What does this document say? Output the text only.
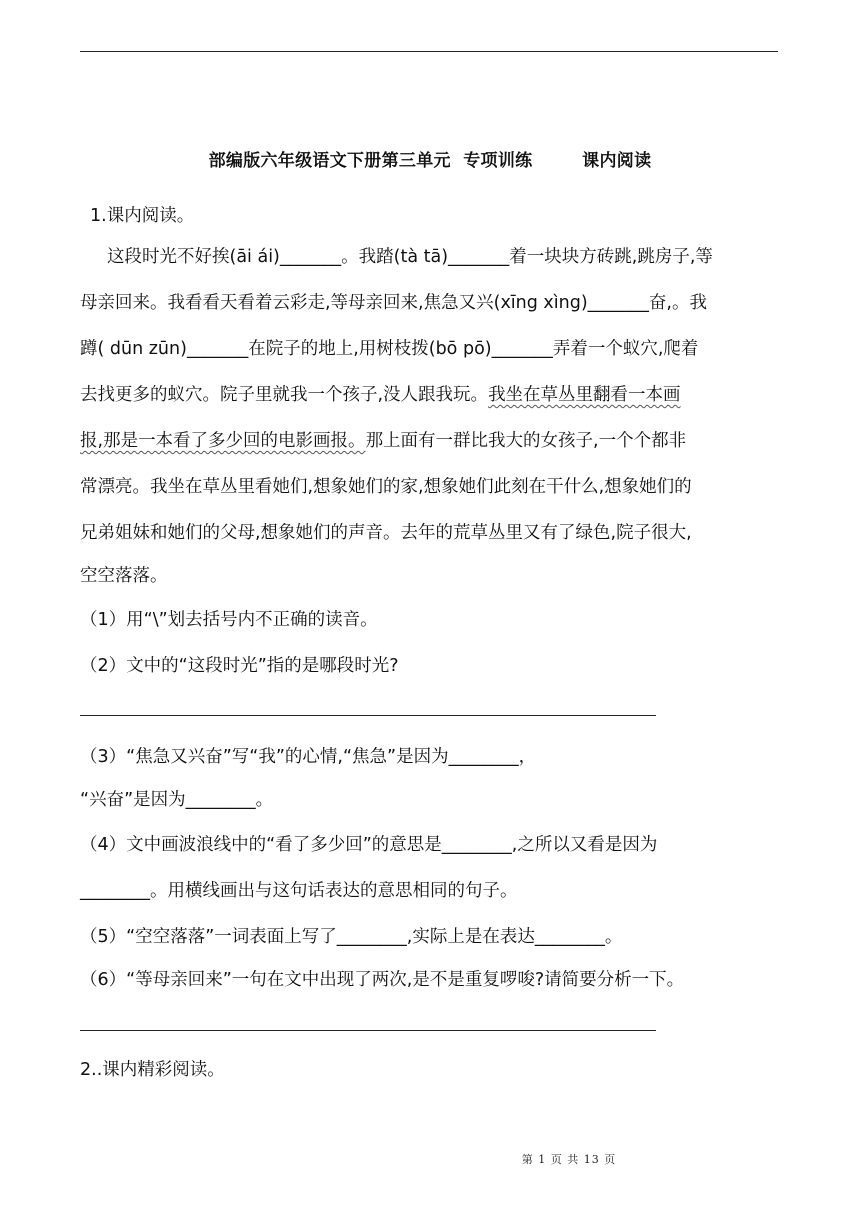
部编版六年级语文下册第三单元  专项训练        课内阅读
1.课内阅读。
这段时光不好挨(āi ái)_______。我踏(tà tā)_______着一块块方砖跳,跳房子,等
母亲回来。我看看天看着云彩走,等母亲回来,焦急又兴(xīng xìng)_______奋,。我
蹲( dūn zūn)_______在院子的地上,用树枝拨(bō pō)_______弄着一个蚁穴,爬着
去找更多的蚁穴。院子里就我一个孩子,没人跟我玩。我坐在草丛里翻看一本画
报,那是一本看了多少回的电影画报。那上面有一群比我大的女孩子,一个个都非
常漂亮。我坐在草丛里看她们,想象她们的家,想象她们此刻在干什么,想象她们的
兄弟姐妹和她们的父母,想象她们的声音。去年的荒草丛里又有了绿色,院子很大,
空空落落。
（1）用“\”划去括号内不正确的读音。
（2）文中的“这段时光”指的是哪段时光?
（3）“焦急又兴奋”写“我”的心情,“焦急”是因为________，
“兴奋”是因为________。
（4）文中画波浪线中的“看了多少回”的意思是________,之所以又看是因为
________。用横线画出与这句话表达的意思相同的句子。
（5）“空空落落”一词表面上写了________,实际上是在表达________。
（6）“等母亲回来”一句在文中出现了两次,是不是重复啰唆?请简要分析一下。
2..课内精彩阅读。
第 1 页 共 13 页
